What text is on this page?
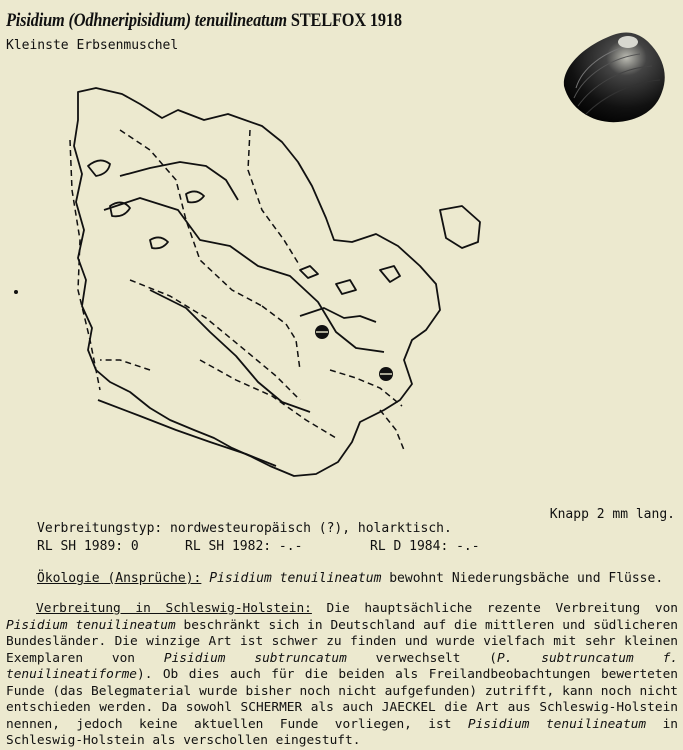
Pisidium (Odhneripisidium) tenuilineatum STELFOX 1918
Kleinste Erbsenmuschel
Knapp 2 mm lang.
Verbreitungstyp: nordwesteuropäisch (?), holarktisch.
RL SH 1989: 0	RL SH 1982: -.-	RL D 1984: -.-
Ökologie (Ansprüche): Pisidium tenuilineatum bewohnt Niederungsbäche und Flüsse.
Verbreitung in Schleswig-Holstein: Die hauptsächliche rezente Verbreitung von Pisidium tenuilineatum beschränkt sich in Deutschland auf die mittleren und südlicheren Bundesländer. Die winzige Art ist schwer zu finden und wurde vielfach mit sehr kleinen Exemplaren von Pisidium subtruncatum verwechselt (P. subtruncatum f. tenuilineatiforme). Ob dies auch für die beiden als Freilandbeobachtungen bewerteten Funde (das Belegmaterial wurde bisher noch nicht aufgefunden) zutrifft, kann noch nicht entschieden werden. Da sowohl SCHERMER als auch JAECKEL die Art aus Schleswig-Holstein nennen, jedoch keine aktuellen Funde vorliegen, ist Pisidium tenuilineatum in Schleswig-Holstein als verschollen eingestuft.
